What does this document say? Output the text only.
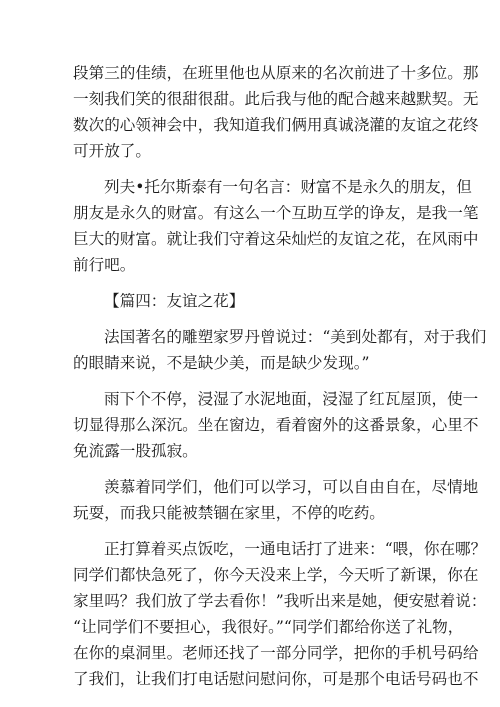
段第三的佳绩，在班里他也从原来的名次前进了十多位。那
一刻我们笑的很甜很甜。此后我与他的配合越来越默契。无
数次的心领神会中，我知道我们俩用真诚浇灌的友谊之花终
可开放了。
列夫•托尔斯泰有一句名言：财富不是永久的朋友，但
朋友是永久的财富。有这么一个互助互学的诤友，是我一笔
巨大的财富。就让我们守着这朵灿烂的友谊之花，在风雨中
前行吧。
【篇四：友谊之花】
法国著名的雕塑家罗丹曾说过：“美到处都有，对于我们
的眼睛来说，不是缺少美，而是缺少发现。”
雨下个不停，浸湿了水泥地面，浸湿了红瓦屋顶，使一
切显得那么深沉。坐在窗边，看着窗外的这番景象，心里不
免流露一股孤寂。
羡慕着同学们，他们可以学习，可以自由自在，尽情地
玩耍，而我只能被禁锢在家里，不停的吃药。
正打算着买点饭吃，一通电话打了进来：“喂，你在哪？
同学们都快急死了，你今天没来上学，今天听了新课，你在
家里吗？我们放了学去看你！”我听出来是她，便安慰着说：
“让同学们不要担心，我很好。”“同学们都给你送了礼物，
在你的桌洞里。老师还找了一部分同学，把你的手机号码给
了我们，让我们打电话慰问慰问你，可是那个电话号码也不
